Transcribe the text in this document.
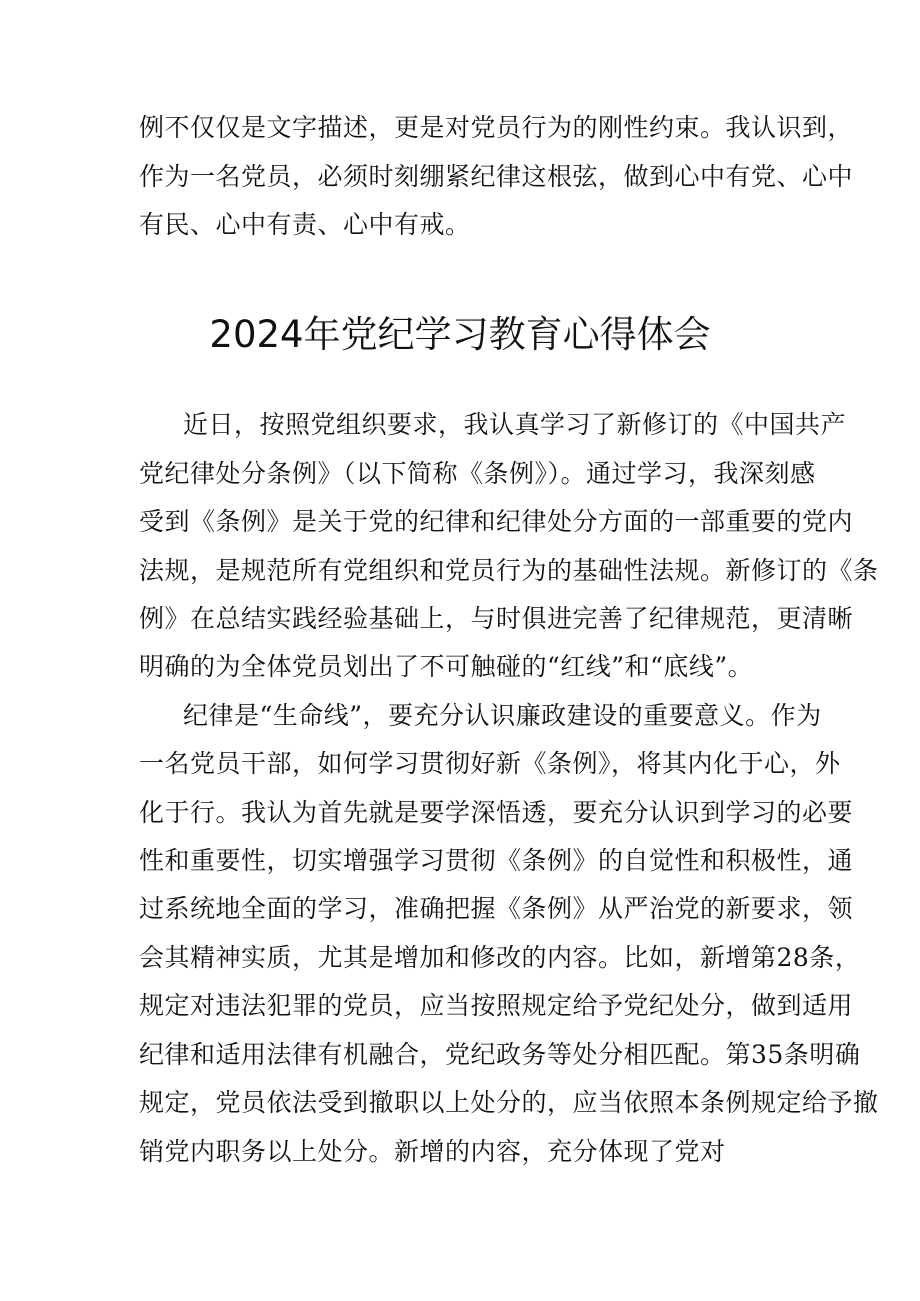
例不仅仅是文字描述，更是对党员行为的刚性约束。我认识到，
作为一名党员，必须时刻绷紧纪律这根弦，做到心中有党、心中
有民、心中有责、心中有戒。
2024年党纪学习教育心得体会
近日，按照党组织要求，我认真学习了新修订的《中国共产
党纪律处分条例》（以下简称《条例》）。通过学习，我深刻感
受到《条例》是关于党的纪律和纪律处分方面的一部重要的党内
法规，是规范所有党组织和党员行为的基础性法规。新修订的《条
例》在总结实践经验基础上，与时俱进完善了纪律规范，更清晰
明确的为全体党员划出了不可触碰的“红线”和“底线”。
纪律是“生命线”，要充分认识廉政建设的重要意义。作为
一名党员干部，如何学习贯彻好新《条例》，将其内化于心，外
化于行。我认为首先就是要学深悟透，要充分认识到学习的必要
性和重要性，切实增强学习贯彻《条例》的自觉性和积极性，通
过系统地全面的学习，准确把握《条例》从严治党的新要求，领
会其精神实质，尤其是增加和修改的内容。比如，新增第28条，
规定对违法犯罪的党员，应当按照规定给予党纪处分，做到适用
纪律和适用法律有机融合，党纪政务等处分相匹配。第35条明确
规定，党员依法受到撤职以上处分的，应当依照本条例规定给予撤
销党内职务以上处分。新增的内容，充分体现了党对
